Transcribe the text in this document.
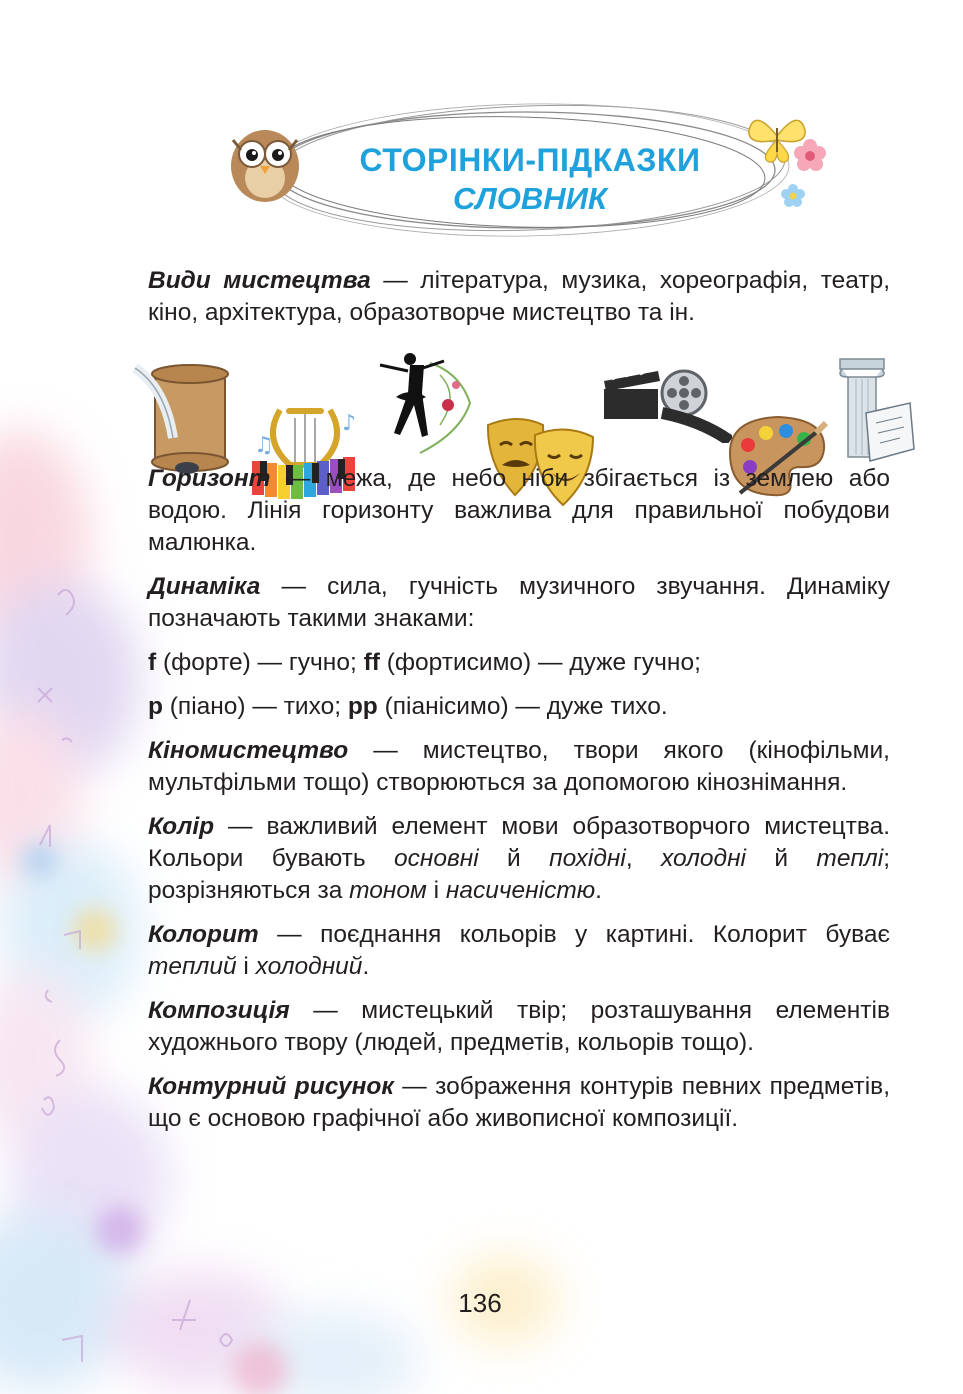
СТОРІНКИ-ПІДКАЗКИ
СЛОВНИК
♪
♫

Види мистецтва — література, музика, хореографія, театр, кіно, архітектура, образотворче мистецтво та ін.

Горизонт — межа, де небо ніби збігається із землею або водою. Лінія горизонту важлива для правильної побудови малюнка.

Динаміка — сила, гучність музичного звучання. Динаміку позначають такими знаками:

f (форте) — гучно; ff (фортисимо) — дуже гучно;

p (піано) — тихо; pp (піанісимо) — дуже тихо.

Кіномистецтво — мистецтво, твори якого (кінофільми, мультфільми тощо) створюються за допомогою кінознімання.

Колір — важливий елемент мови образотворчого мистецтва. Кольори бувають основні й похідні, холодні й теплі; розрізняються за тоном і насиченістю.

Колорит — поєднання кольорів у картині. Колорит буває теплий і холодний.

Композиція — мистецький твір; розташування елементів художнього твору (людей, предметів, кольорів тощо).

Контурний рисунок — зображення контурів певних предметів, що є основою графічної або живописної композиції.

136
